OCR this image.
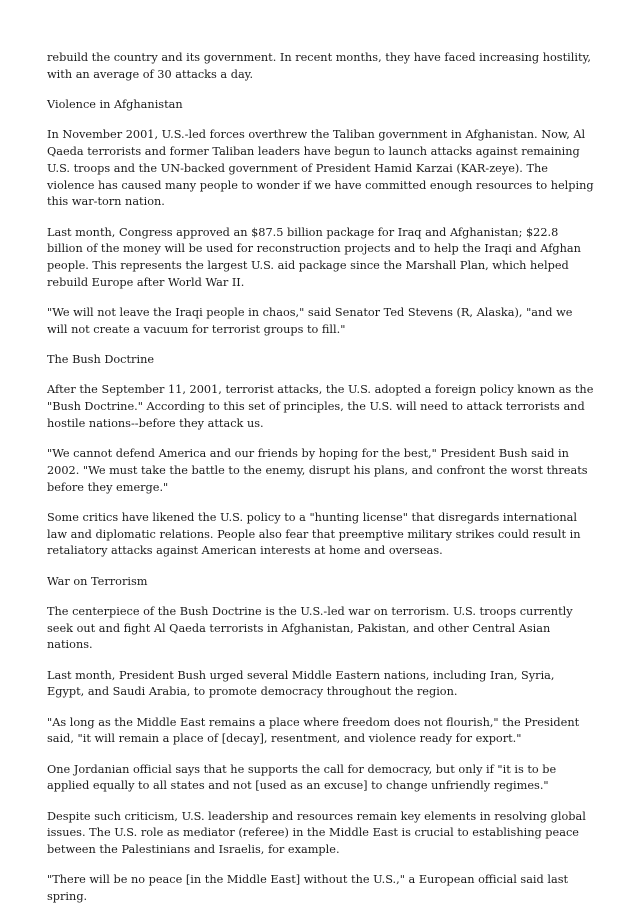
rebuild the country and its government. In recent months, they have faced increasing hostility, with an average of 30 attacks a day.

Violence in Afghanistan

In November 2001, U.S.-led forces overthrew the Taliban government in Afghanistan. Now, Al Qaeda terrorists and former Taliban leaders have begun to launch attacks against remaining U.S. troops and the UN-backed government of President Hamid Karzai (KAR-zeye). The violence has caused many people to wonder if we have committed enough resources to helping this war-torn nation.

Last month, Congress approved an $87.5 billion package for Iraq and Afghanistan; $22.8 billion of the money will be used for reconstruction projects and to help the Iraqi and Afghan people. This represents the largest U.S. aid package since the Marshall Plan, which helped rebuild Europe after World War II.

"We will not leave the Iraqi people in chaos," said Senator Ted Stevens (R, Alaska), "and we will not create a vacuum for terrorist groups to fill."

The Bush Doctrine

After the September 11, 2001, terrorist attacks, the U.S. adopted a foreign policy known as the "Bush Doctrine." According to this set of principles, the U.S. will need to attack terrorists and hostile nations--before they attack us.

"We cannot defend America and our friends by hoping for the best," President Bush said in 2002. "We must take the battle to the enemy, disrupt his plans, and confront the worst threats before they emerge."

Some critics have likened the U.S. policy to a "hunting license" that disregards international law and diplomatic relations. People also fear that preemptive military strikes could result in retaliatory attacks against American interests at home and overseas.

War on Terrorism

The centerpiece of the Bush Doctrine is the U.S.-led war on terrorism. U.S. troops currently seek out and fight Al Qaeda terrorists in Afghanistan, Pakistan, and other Central Asian nations.

Last month, President Bush urged several Middle Eastern nations, including Iran, Syria, Egypt, and Saudi Arabia, to promote democracy throughout the region.

"As long as the Middle East remains a place where freedom does not flourish," the President said, "it will remain a place of [decay], resentment, and violence ready for export."

One Jordanian official says that he supports the call for democracy, but only if "it is to be applied equally to all states and not [used as an excuse] to change unfriendly regimes."

Despite such criticism, U.S. leadership and resources remain key elements in resolving global issues. The U.S. role as mediator (referee) in the Middle East is crucial to establishing peace between the Palestinians and Israelis, for example.

"There will be no peace [in the Middle East] without the U.S.," a European official said last spring.
